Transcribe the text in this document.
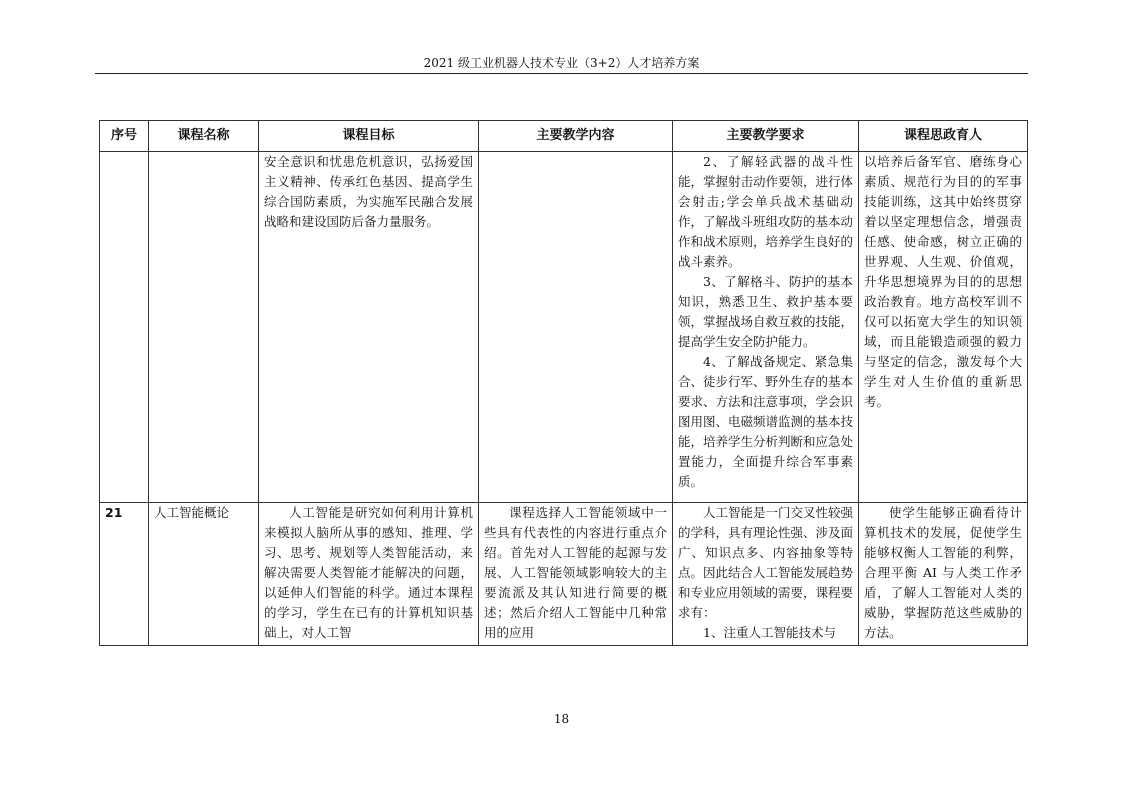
2021 级工业机器人技术专业（3+2）人才培养方案
序号	课程名称	课程目标	主要教学内容	主要教学要求	课程思政育人

		安全意识和忧患危机意识，弘扬爱国主义精神、传承红色基因、提高学生综合国防素质，为实施军民融合发展战略和建设国防后备力量服务。		2、了解轻武器的战斗性能，掌握射击动作要领，进行体会射击;学会单兵战术基础动作，了解战斗班组攻防的基本动作和战术原则，培养学生良好的战斗素养。
3、了解格斗、防护的基本知识，熟悉卫生、救护基本要领，掌握战场自救互救的技能，提高学生安全防护能力。
4、了解战备规定、紧急集合、徒步行军、野外生存的基本要求、方法和注意事项，学会识图用图、电磁频谱监测的基本技能，培养学生分析判断和应急处置能力，全面提升综合军事素质。	以培养后备军官、磨练身心素质、规范行为目的的军事技能训练，这其中始终贯穿着以坚定理想信念，增强责任感、使命感，树立正确的世界观、人生观、价值观，升华思想境界为目的的思想政治教育。地方高校军训不仅可以拓宽大学生的知识领域，而且能锻造顽强的毅力与坚定的信念，激发每个大学生对人生价值的重新思考。

21	人工智能概论	人工智能是研究如何利用计算机来模拟人脑所从事的感知、推理、学习、思考、规划等人类智能活动，来解决需要人类智能才能解决的问题，以延伸人们智能的科学。通过本课程的学习，学生在已有的计算机知识基础上，对人工智	课程选择人工智能领域中一些具有代表性的内容进行重点介绍。首先对人工智能的起源与发展、人工智能领域影响较大的主要流派及其认知进行简要的概述；然后介绍人工智能中几种常用的应用	人工智能是一门交叉性较强的学科，具有理论性强、涉及面广、知识点多、内容抽象等特点。因此结合人工智能发展趋势和专业应用领域的需要，课程要求有：
1、注重人工智能技术与	使学生能够正确看待计算机技术的发展，促使学生能够权衡人工智能的利弊，合理平衡 AI 与人类工作矛盾，了解人工智能对人类的威胁，掌握防范这些威胁的方法。
18
